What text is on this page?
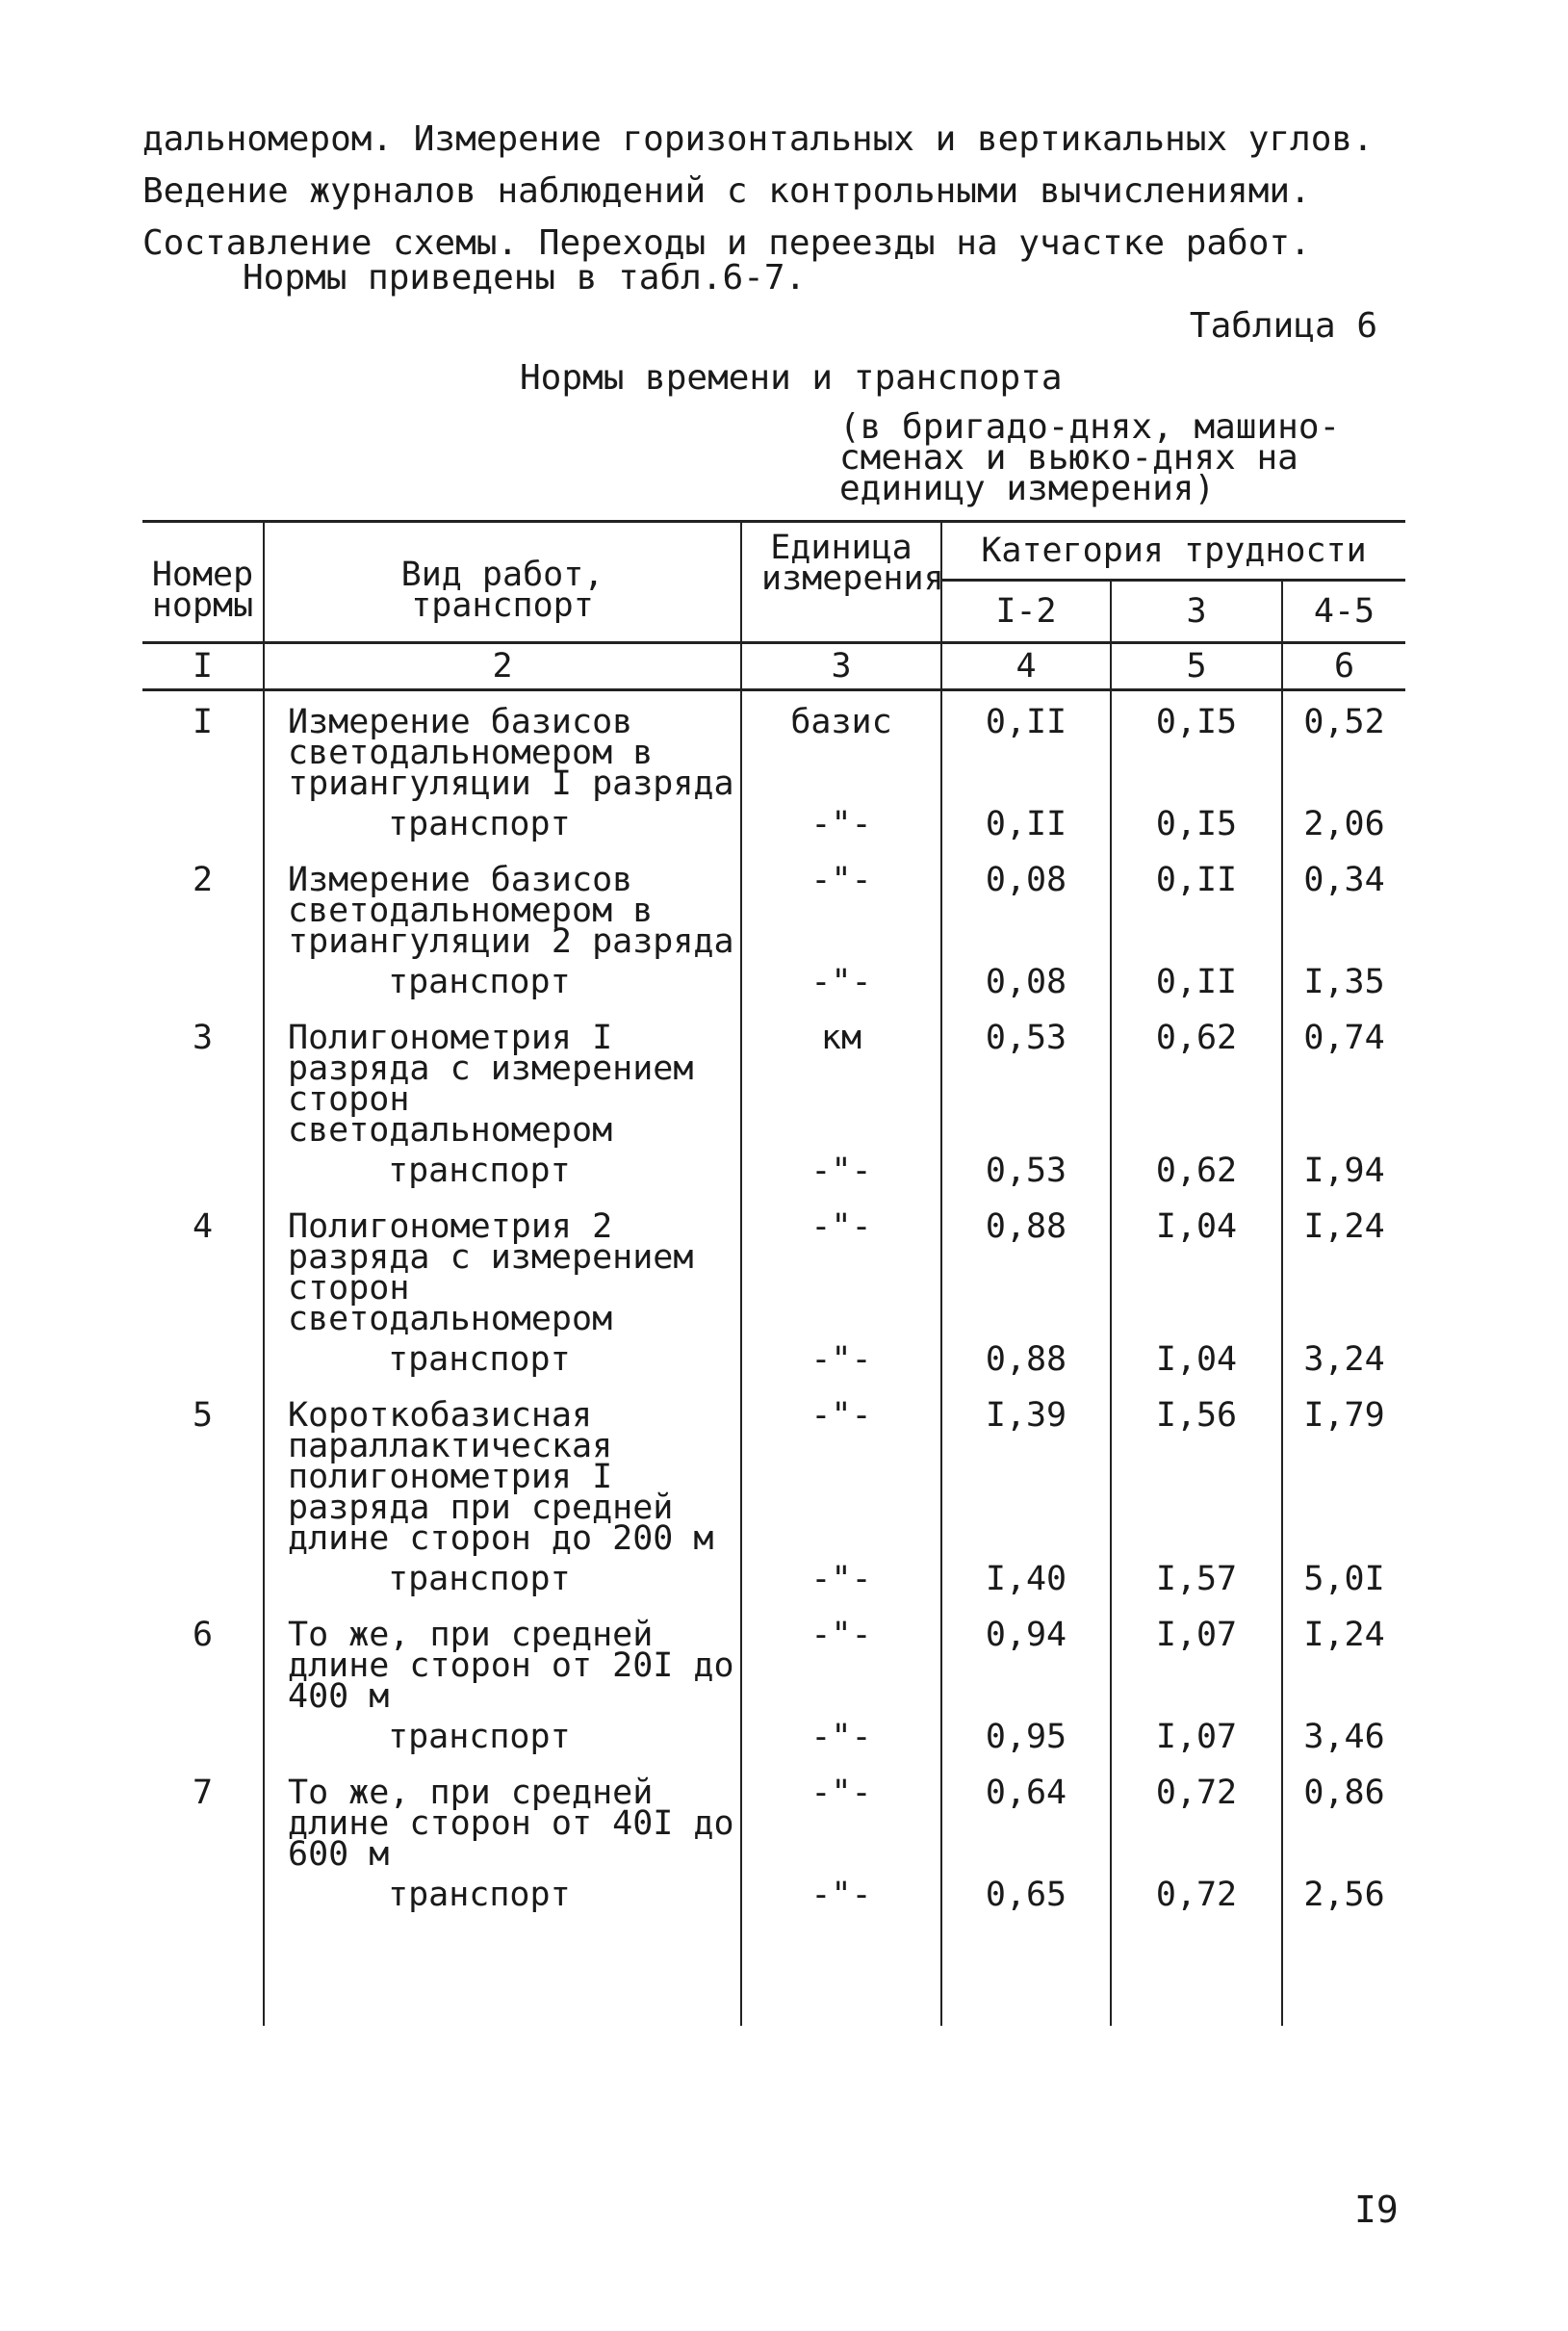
дальномером. Измерение горизонтальных и вертикальных углов. Ведение журналов наблюдений с контрольными вычислениями. Составление схемы. Переходы и переезды на участке работ.

Нормы приведены в табл.6-7.

Таблица 6

Нормы времени и транспорта

(в бригадо-днях, машино-сменах и вьюко-днях на единицу измерения)

Номер нормы	Вид работ, транспорт	Единица измерения	Категория трудности		
			I-2	3	4-5
I	2	3	4	5	6
I	Измерение базисов светодальномером в триангуляции I разряда	базис	0,II	0,I5	0,52
	транспорт	-"-	0,II	0,I5	2,06
2	Измерение базисов светодальномером в триангуляции 2 разряда	-"-	0,08	0,II	0,34
	транспорт	-"-	0,08	0,II	I,35
3	Полигонометрия I разряда с измерением сторон светодальномером	км	0,53	0,62	0,74
	транспорт	-"-	0,53	0,62	I,94
4	Полигонометрия 2 разряда с измерением сторон светодальномером	-"-	0,88	I,04	I,24
	транспорт	-"-	0,88	I,04	3,24
5	Короткобазисная параллактическая полигонометрия I разряда при средней длине сторон до 200 м	-"-	I,39	I,56	I,79
	транспорт	-"-	I,40	I,57	5,0I
6	То же, при средней длине сторон от 20I до 400 м	-"-	0,94	I,07	I,24
	транспорт	-"-	0,95	I,07	3,46
7	То же, при средней длине сторон от 40I до 600 м	-"-	0,64	0,72	0,86
	транспорт	-"-	0,65	0,72	2,56

I9
